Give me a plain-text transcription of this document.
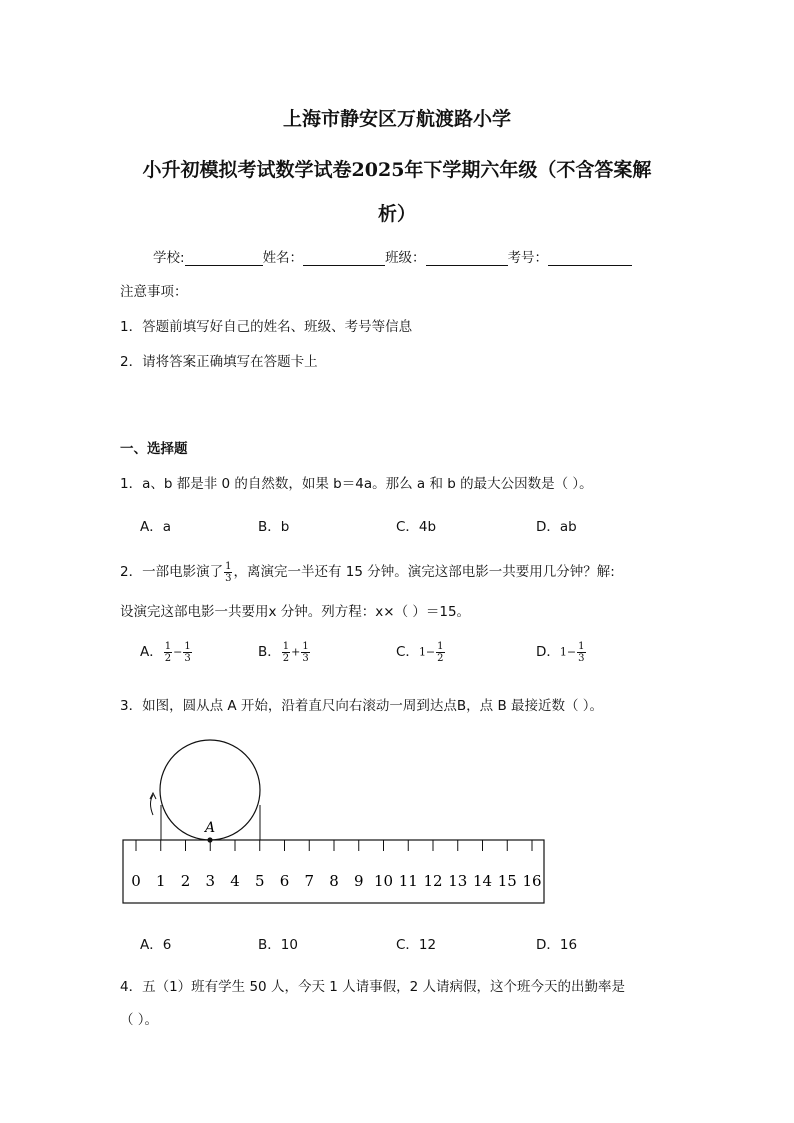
上海市静安区万航渡路小学
小升初模拟考试数学试卷2025年下学期六年级（不含答案解
析）
学校:	姓名：	班级：	考号：
注意事项：
1．答题前填写好自己的姓名、班级、考号等信息
2．请将答案正确填写在答题卡上
一、选择题
1．a、b 都是非 0 的自然数，如果 b＝4a。那么 a 和 b 的最大公因数是（ ）。
A．a	B．b	C．4b	D．ab
2．一部电影演了 $\frac{1}{3}$ ，离演完一半还有 15 分钟。演完这部电影一共要用几分钟？解:
设演完这部电影一共要用x 分钟。列方程：x×（ ）＝15。
A． $\frac{1}{2} - \frac{1}{3}$	B． $\frac{1}{2} + \frac{1}{3}$	C．$1- \frac{1}{2}$	D．$1- \frac{1}{3}$
3．如图，圆从点 A 开始，沿着直尺向右滚动一周到达点B，点 B 最接近数（ ）。
A
0 1 2 3 4 5 6 7 8 9 10 11 12 13 14 15 16
A．6	B．10	C．12	D．16
4．五（1）班有学生 50 人，今天 1 人请事假，2 人请病假，这个班今天的出勤率是
（ ）。
